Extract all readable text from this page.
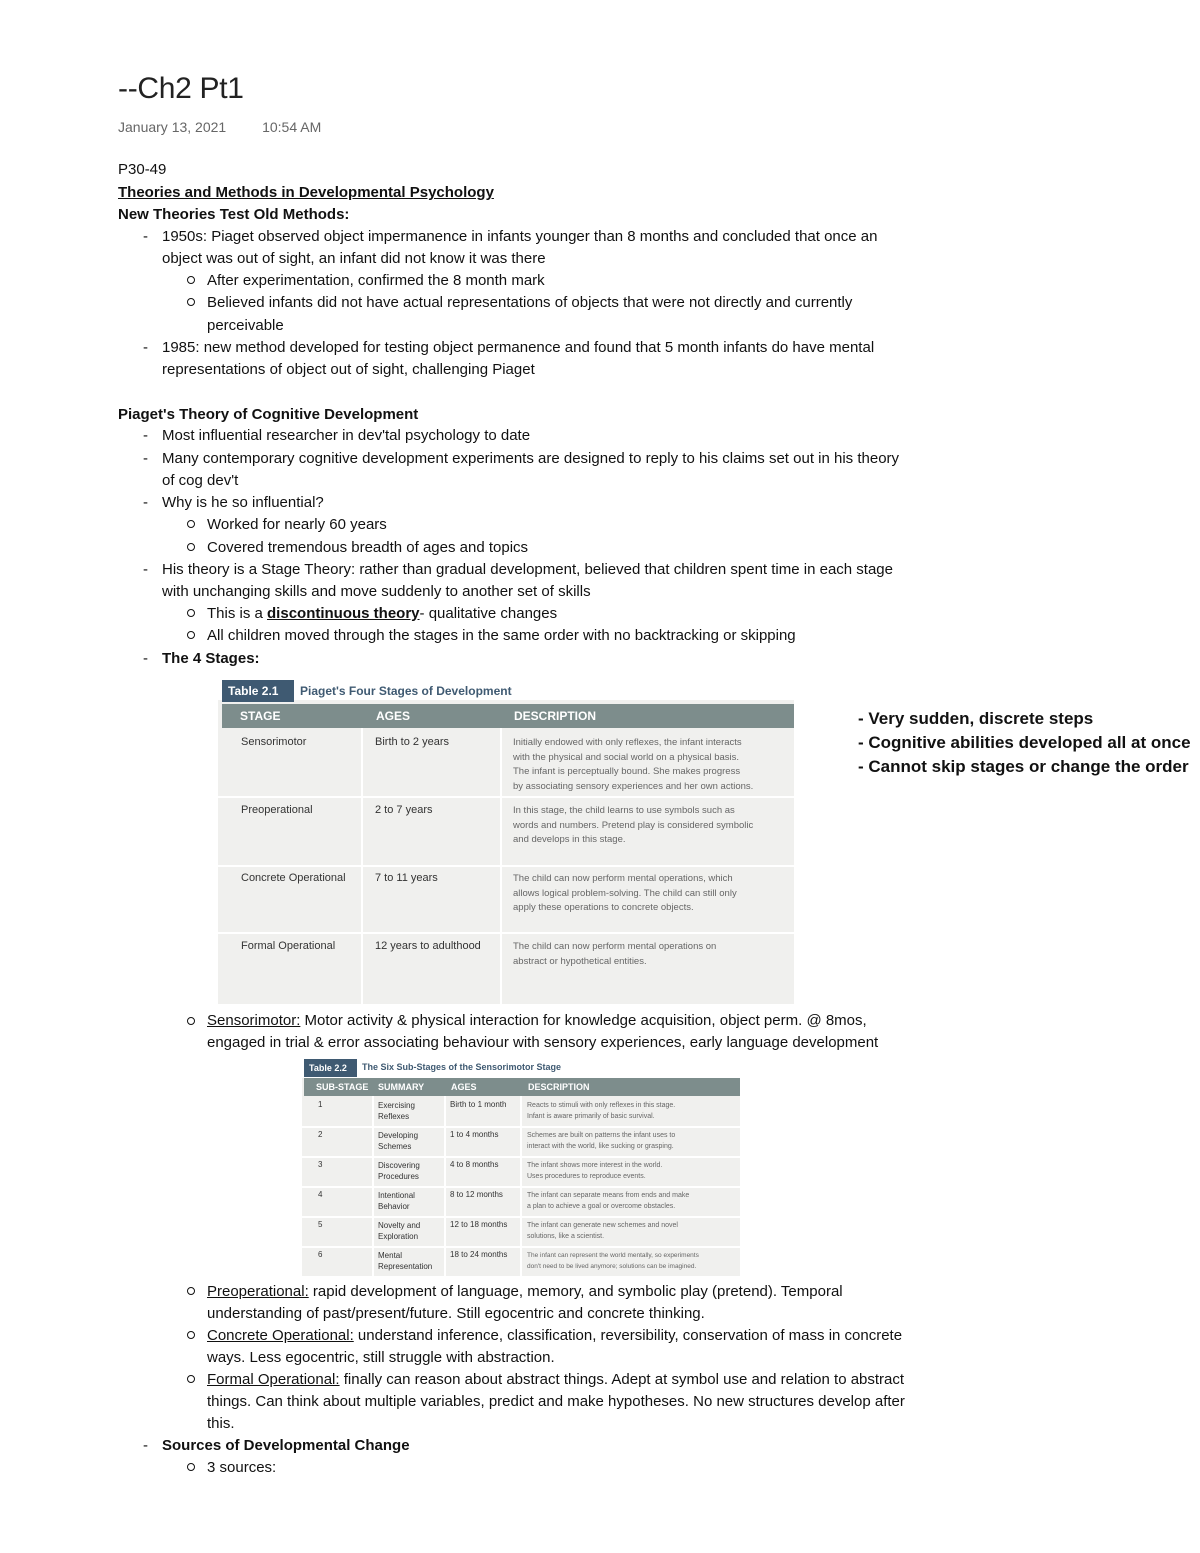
--Ch2 Pt1
January 13, 2021	10:54 AM
P30-49
Theories and Methods in Developmental Psychology
New Theories Test Old Methods:
- 1950s: Piaget observed object impermanence in infants younger than 8 months and concluded that once an
object was out of sight, an infant did not know it was there
After experimentation, confirmed the 8 month mark
Believed infants did not have actual representations of objects that were not directly and currently
perceivable
- 1985: new method developed for testing object permanence and found that 5 month infants do have mental
representations of object out of sight, challenging Piaget
Piaget's Theory of Cognitive Development
- Most influential researcher in dev'tal psychology to date
- Many contemporary cognitive development experiments are designed to reply to his claims set out in his theory
of cog dev't
- Why is he so influential?
Worked for nearly 60 years
Covered tremendous breadth of ages and topics
- His theory is a Stage Theory: rather than gradual development, believed that children spent time in each stage
with unchanging skills and move suddenly to another set of skills
This is a discontinuous theory- qualitative changes
All children moved through the stages in the same order with no backtracking or skipping
- The 4 Stages:
Table 2.1	Piaget's Four Stages of Development
STAGE	AGES	DESCRIPTION
Sensorimotor	Birth to 2 years	Initially endowed with only reflexes, the infant interacts
with the physical and social world on a physical basis.
The infant is perceptually bound. She makes progress
by associating sensory experiences and her own actions.
Preoperational	2 to 7 years	In this stage, the child learns to use symbols such as
words and numbers. Pretend play is considered symbolic
and develops in this stage.
Concrete Operational	7 to 11 years	The child can now perform mental operations, which
allows logical problem-solving. The child can still only
apply these operations to concrete objects.
Formal Operational	12 years to adulthood	The child can now perform mental operations on
abstract or hypothetical entities.
- Very sudden, discrete steps
- Cognitive abilities developed all at once
- Cannot skip stages or change the order
Sensorimotor: Motor activity & physical interaction for knowledge acquisition, object perm. @ 8mos,
engaged in trial & error associating behaviour with sensory experiences, early language development
Table 2.2	The Six Sub-Stages of the Sensorimotor Stage
SUB-STAGE SUMMARY	AGES	DESCRIPTION
1	Exercising
Reflexes
Birth to 1 month	Reacts to stimuli with only reflexes in this stage.
Infant is aware primarily of basic survival.
2	Developing
Schemes
1 to 4 months	Schemes are built on patterns the infant uses to
interact with the world, like sucking or grasping.
3	Discovering
Procedures
4 to 8 months	The infant shows more interest in the world.
Uses procedures to reproduce events.
4	Intentional
Behavior
8 to 12 months	The infant can separate means from ends and make
a plan to achieve a goal or overcome obstacles.
5	Novelty and
Exploration
12 to 18 months	The infant can generate new schemes and novel
solutions, like a scientist.
6	Mental
Representation
18 to 24 months	The infant can represent the world mentally, so experiments
don't need to be lived anymore; solutions can be imagined.
Preoperational: rapid development of language, memory, and symbolic play (pretend). Temporal
understanding of past/present/future. Still egocentric and concrete thinking.
Concrete Operational: understand inference, classification, reversibility, conservation of mass in concrete
ways. Less egocentric, still struggle with abstraction.
Formal Operational: finally can reason about abstract things. Adept at symbol use and relation to abstract
things. Can think about multiple variables, predict and make hypotheses. No new structures develop after
this.
- Sources of Developmental Change
3 sources:
